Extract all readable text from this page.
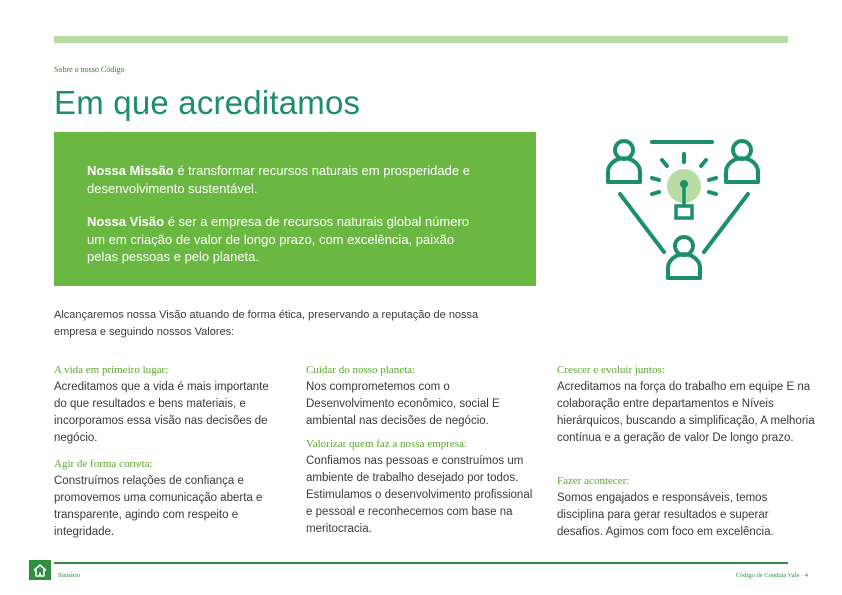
Sobre o nosso Código
Em que acreditamos

Nossa Missão é transformar recursos naturais em prosperidade e desenvolvimento sustentável.

Nossa Visão é ser a empresa de recursos naturais global número um em criação de valor de longo prazo, com excelência, paixão pelas pessoas e pelo planeta.

Alcançaremos nossa Visão atuando de forma ética, preservando a reputação de nossa empresa e seguindo nossos Valores:

A vida em primeiro lugar:

Acreditamos que a vida é mais importante do que resultados e bens materiais, e incorporamos essa visão nas decisões de negócio.

Agir de forma correta:

Construímos relações de confiança e promovemos uma comunicação aberta e transparente, agindo com respeito e integridade.

Cuidar do nosso planeta:

Nos comprometemos com o Desenvolvimento econômico, social E ambiental nas decisões de negócio.

Valorizar quem faz a nossa empresa:

Confiamos nas pessoas e construímos um ambiente de trabalho desejado por todos. Estimulamos o desenvolvimento profissional e pessoal e reconhecemos com base na meritocracia.

Crescer e evoluir juntos:

Acreditamos na força do trabalho em equipe E na colaboração entre departamentos e Níveis hierárquicos, buscando a simplificação, A melhoria contínua e a geração de valor De longo prazo.

Fazer acontecer:

Somos engajados e responsáveis, temos disciplina para gerar resultados e superar desafios. Agimos com foco em excelência.

Sumário	Código de Conduta Vale · 4
